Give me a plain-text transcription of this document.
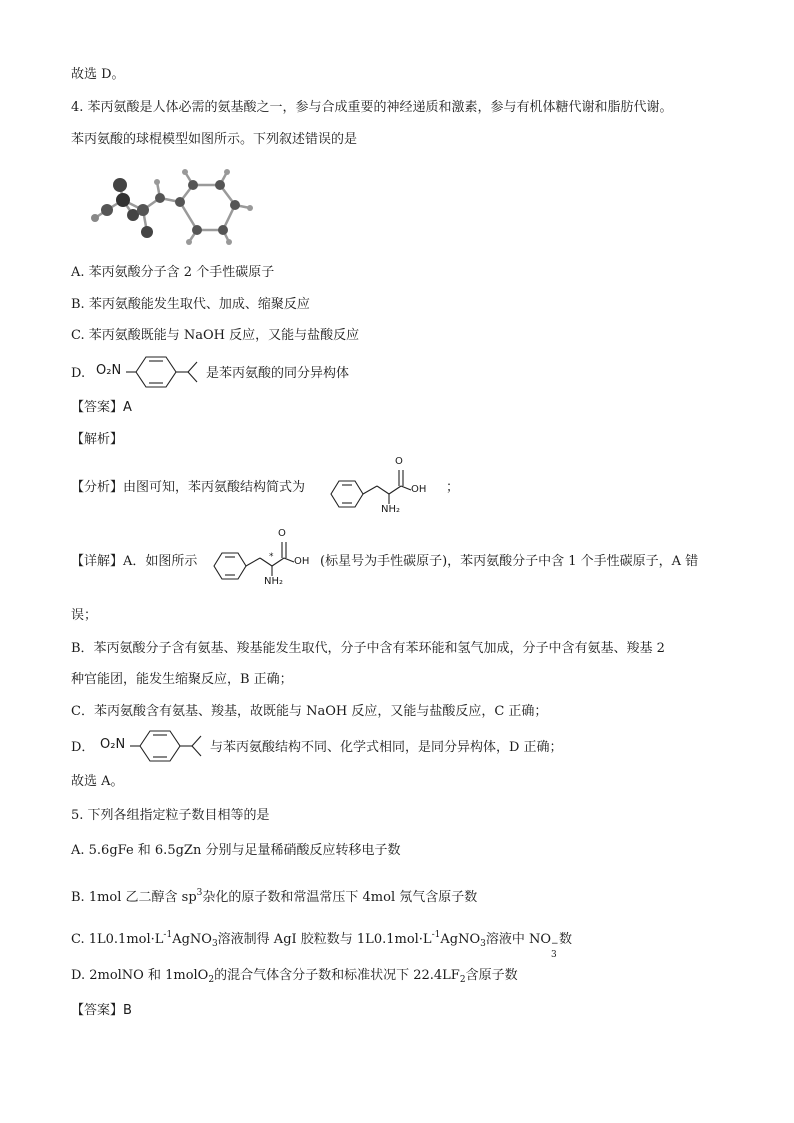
故选 D。
4. 苯丙氨酸是人体必需的氨基酸之一，参与合成重要的神经递质和激素，参与有机体糖代谢和脂肪代谢。
苯丙氨酸的球棍模型如图所示。下列叙述错误的是
A. 苯丙氨酸分子含 2 个手性碳原子
B. 苯丙氨酸能发生取代、加成、缩聚反应
C. 苯丙氨酸既能与 NaOH 反应，又能与盐酸反应
D. O₂N	是苯丙氨酸的同分异构体
【答案】A
【解析】
【分析】由图可知，苯丙氨酸结构简式为
O
OH
NH₂
；
【详解】A．如图所示	*
O
OH
NH₂
(标星号为手性碳原子)，苯丙氨酸分子中含 1 个手性碳原子，A 错
误；
B．苯丙氨酸分子含有氨基、羧基能发生取代，分子中含有苯环能和氢气加成，分子中含有氨基、羧基 2
种官能团，能发生缩聚反应，B 正确；
C．苯丙氨酸含有氨基、羧基，故既能与 NaOH 反应，又能与盐酸反应，C 正确；
D． O₂N	与苯丙氨酸结构不同、化学式相同，是同分异构体，D 正确；
故选 A。
5. 下列各组指定粒子数目相等的是
A. 5.6gFe 和 6.5gZn 分别与足量稀硝酸反应转移电子数
B. 1mol 乙二醇含 $sp^3$杂化的原子数和常温常压下 4mol 氖气含原子数
C. $1L0.1mol\cdot L^{-1}AgNO_3$溶液制得 AgI 胶粒数与 $1L0.1mol\cdot L^{-1}AgNO_3$溶液中 NO −
3
数
D. 2molNO 和 1molO$_2$的混合气体含分子数和标准状况下 $22.4LF_2$含原子数
【答案】B
